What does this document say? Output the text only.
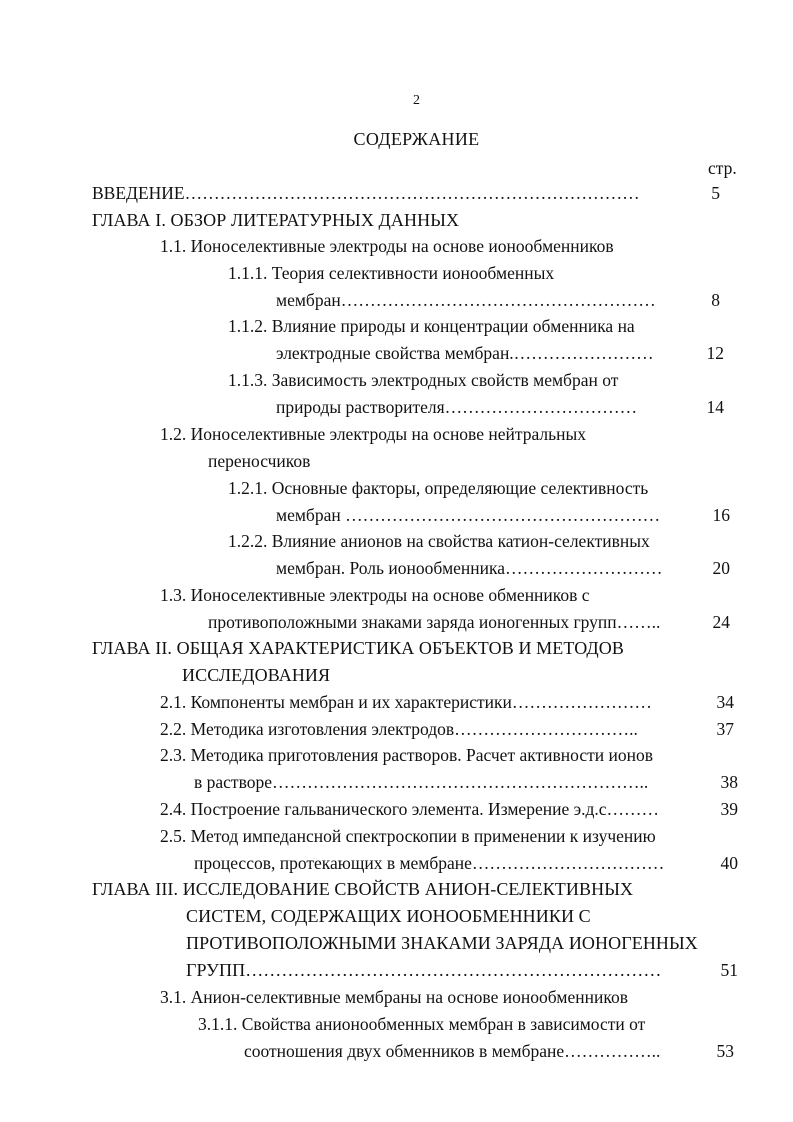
2
СОДЕРЖАНИЕ
стр.
ВВЕДЕНИЕ……………………………………………………………………	5
ГЛАВА I. ОБЗОР ЛИТЕРАТУРНЫХ ДАННЫХ
1.1. Ионоселективные электроды на основе ионообменников
1.1.1. Теория селективности ионообменных
мембран………………………………………………	8
1.1.2. Влияние природы и концентрации обменника на
электродные свойства мембран.……………………	12
1.1.3. Зависимость электродных свойств мембран от
природы растворителя……………………………	14
1.2. Ионоселективные электроды на основе нейтральных
переносчиков
1.2.1. Основные факторы, определяющие селективность
мембран ………………………………………………	16
1.2.2. Влияние анионов на свойства катион-селективных
мембран. Роль ионообменника………………………	20
1.3. Ионоселективные электроды на основе обменников с
противоположными знаками заряда ионогенных групп……..	24
ГЛАВА II. ОБЩАЯ ХАРАКТЕРИСТИКА ОБЪЕКТОВ И МЕТОДОВ
ИССЛЕДОВАНИЯ
2.1. Компоненты мембран и их характеристики……………………	34
2.2. Методика изготовления электродов…………………………..	37
2.3. Методика приготовления растворов. Расчет активности ионов
в растворе………………………………………………………..	38
2.4. Построение гальванического элемента. Измерение э.д.с………	39
2.5. Метод импедансной спектроскопии в применении к изучению
процессов, протекающих в мембране……………………………	40
ГЛАВА III. ИССЛЕДОВАНИЕ СВОЙСТВ АНИОН-СЕЛЕКТИВНЫХ
СИСТЕМ, СОДЕРЖАЩИХ ИОНООБМЕННИКИ С
ПРОТИВОПОЛОЖНЫМИ ЗНАКАМИ ЗАРЯДА ИОНОГЕННЫХ
ГРУПП……………………………………………………………	51
3.1. Анион-селективные мембраны на основе ионообменников
3.1.1. Свойства анионообменных мембран в зависимости от
соотношения двух обменников в мембране……………..	53
